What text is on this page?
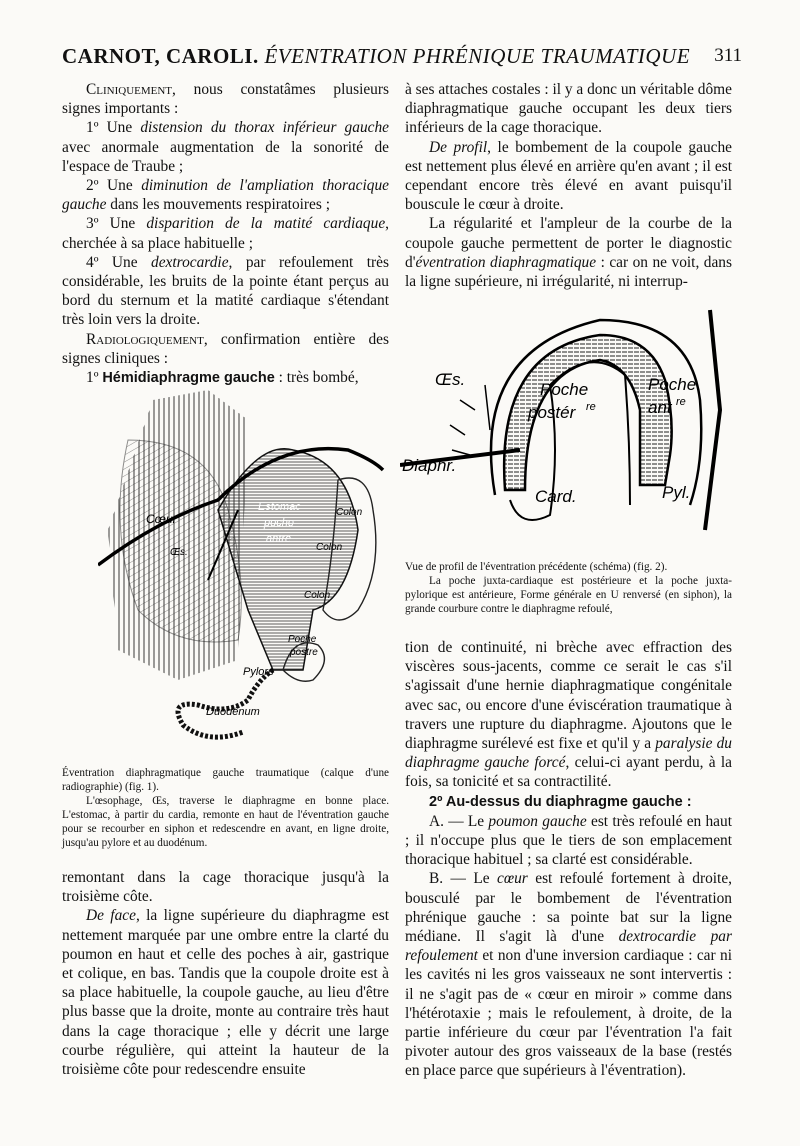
CARNOT, CAROLI. ÉVENTRATION PHRÉNIQUE TRAUMATIQUE 311

Cliniquement, nous constatâmes plusieurs signes importants :

1º Une distension du thorax inférieur gauche avec anormale augmentation de la sonorité de l'espace de Traube ;

2º Une diminution de l'ampliation thoracique gauche dans les mouvements respiratoires ;

3º Une disparition de la matité cardiaque, cherchée à sa place habituelle ;

4º Une dextrocardie, par refoulement très considérable, les bruits de la pointe étant perçus au bord du sternum et la matité cardiaque s'étendant très loin vers la droite.

Radiologiquement, confirmation entière des signes cliniques :

1º Hémidiaphragme gauche : très bombé,

Cœur
Œs.
Estomac
poche
antre
Colon
Colon
Colon
Poche
postre
Pylore
Duodénum

Éventration diaphragmatique gauche traumatique (calque d'une radiographie) (fig. 1).

L'œsophage, Œs, traverse le diaphragme en bonne place. L'estomac, à partir du cardia, remonte en haut de l'éventration gauche pour se recourber en siphon et redescendre en avant, en ligne droite, jusqu'au pylore et au duodénum.

remontant dans la cage thoracique jusqu'à la troisième côte.

De face, la ligne supérieure du diaphragme est nettement marquée par une ombre entre la clarté du poumon en haut et celle des poches à air, gastrique et colique, en bas. Tandis que la coupole droite est à sa place habituelle, la coupole gauche, au lieu d'être plus basse que la droite, monte au contraire très haut dans la cage thoracique ; elle y décrit une large courbe régulière, qui atteint la hauteur de la troisième côte pour redescendre ensuite

à ses attaches costales : il y a donc un véritable dôme diaphragmatique gauche occupant les deux tiers inférieurs de la cage thoracique.

De profil, le bombement de la coupole gauche est nettement plus élevé en arrière qu'en avant ; il est cependant encore très élevé en avant puisqu'il bouscule le cœur à droite.

La régularité et l'ampleur de la courbe de la coupole gauche permettent de porter le diagnostic d'éventration diaphragmatique : car on ne voit, dans la ligne supérieure, ni irrégularité, ni interrup-

Œs.
Poche
postér re
Poche
ant re
Diaphr.
Card.	Pyl.

Vue de profil de l'éventration précédente (schéma) (fig. 2).

La poche juxta-cardiaque est postérieure et la poche juxta-pylorique est antérieure, Forme générale en U renversé (en siphon), la grande courbure contre le diaphragme refoulé,

tion de continuité, ni brèche avec effraction des viscères sous-jacents, comme ce serait le cas s'il s'agissait d'une hernie diaphragmatique congénitale avec sac, ou encore d'une éviscération traumatique à travers une rupture du diaphragme. Ajoutons que le diaphragme surélevé est fixe et qu'il y a paralysie du diaphragme gauche forcé, celui-ci ayant perdu, à la fois, sa tonicité et sa contractilité.

2º Au-dessus du diaphragme gauche :

A. — Le poumon gauche est très refoulé en haut ; il n'occupe plus que le tiers de son emplacement thoracique habituel ; sa clarté est considérable.

B. — Le cœur est refoulé fortement à droite, bousculé par le bombement de l'éventration phrénique gauche : sa pointe bat sur la ligne médiane. Il s'agit là d'une dextrocardie par refoulement et non d'une inversion cardiaque : car ni les cavités ni les gros vaisseaux ne sont intervertis : il ne s'agit pas de « cœur en miroir » comme dans l'hétérotaxie ; mais le refoulement, à droite, de la partie inférieure du cœur par l'éventration l'a fait pivoter autour des gros vaisseaux de la base (restés en place parce que supérieurs à l'éventration).
